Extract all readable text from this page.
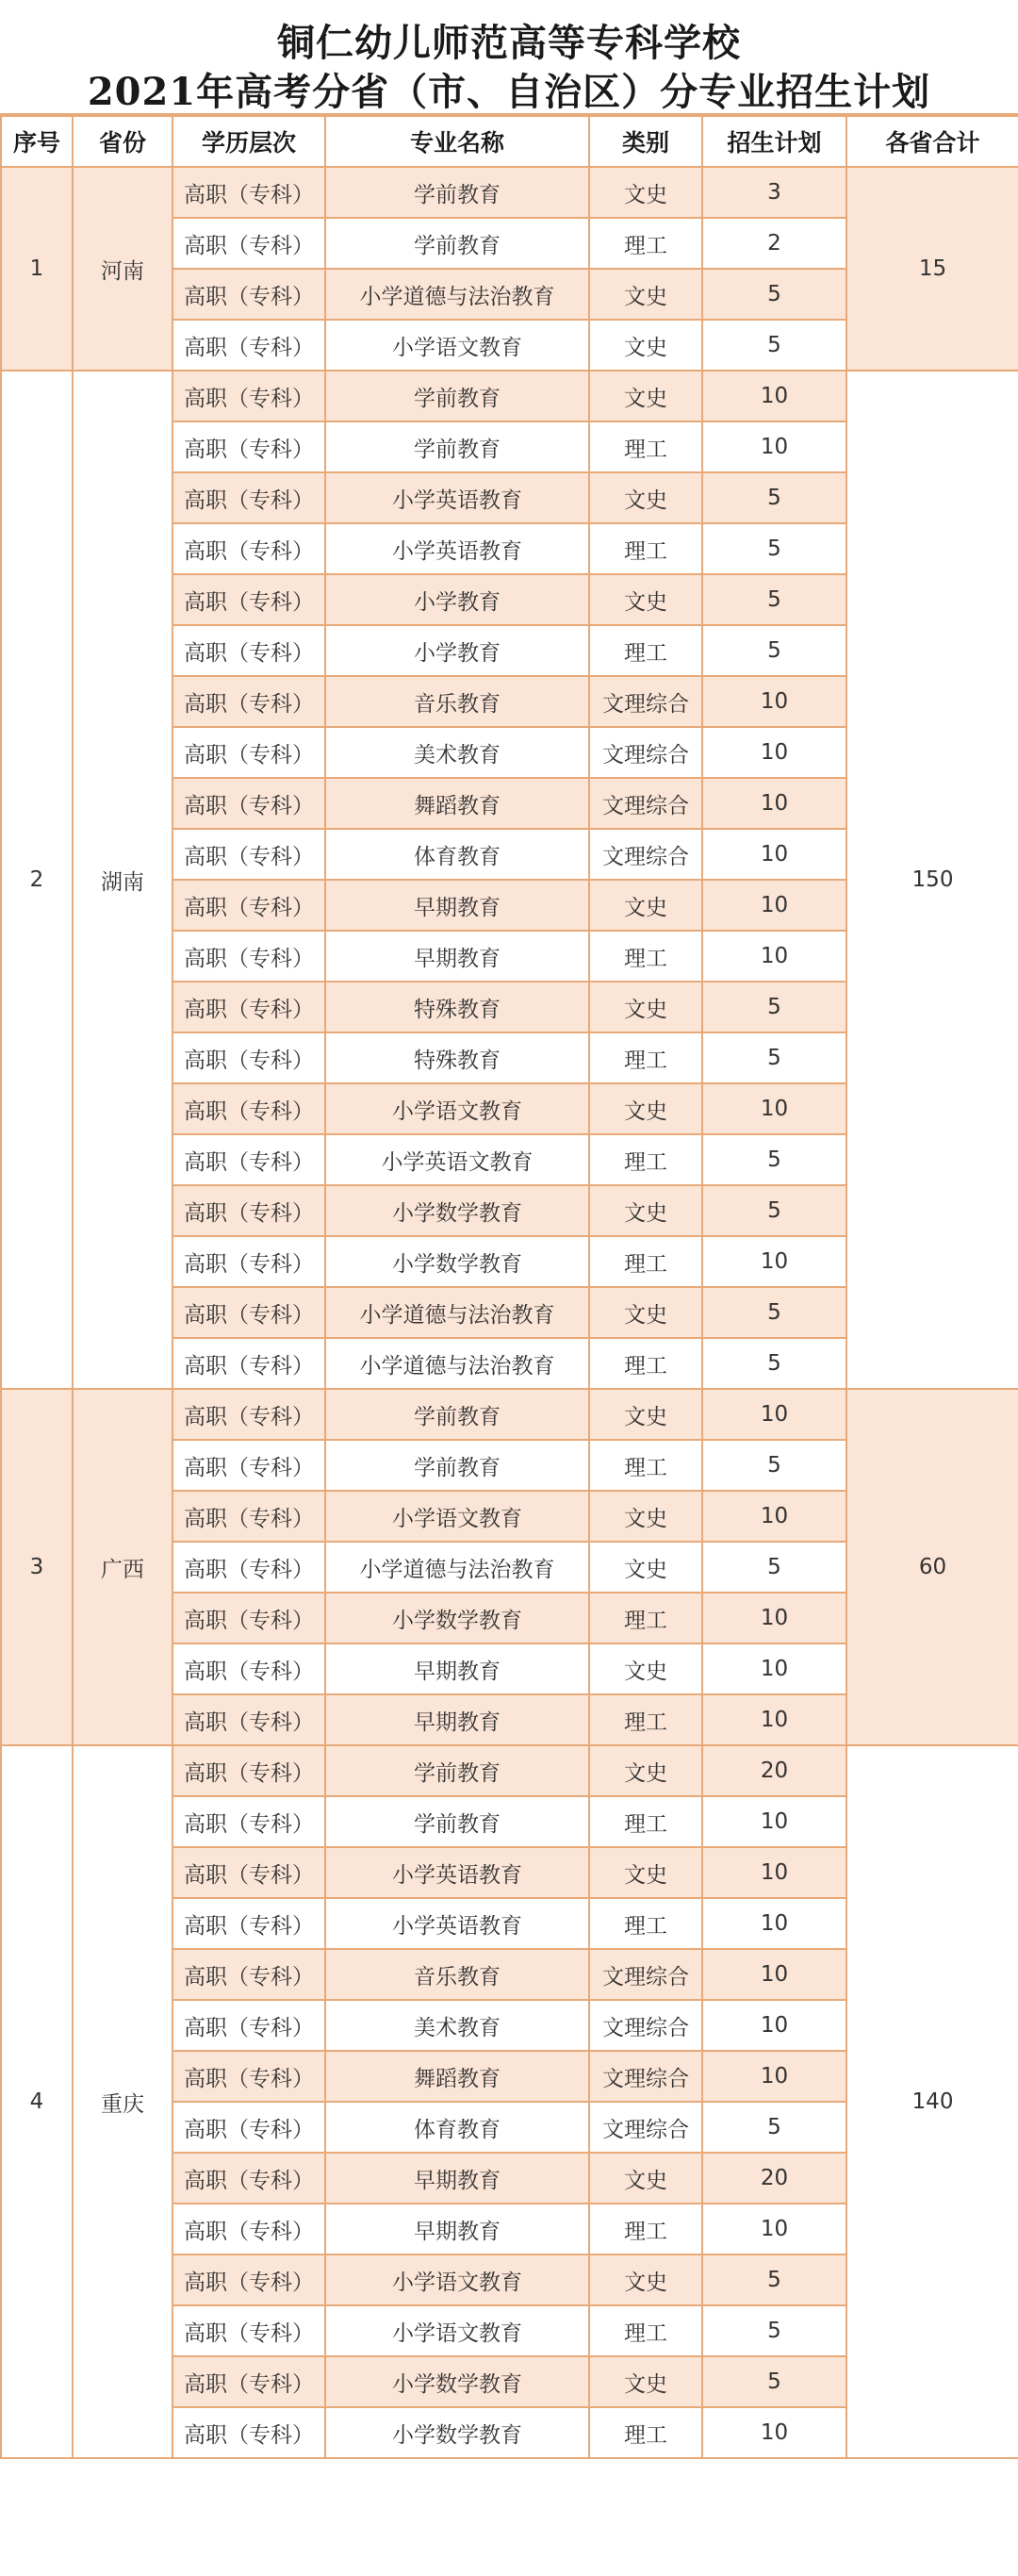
铜仁幼儿师范高等专科学校
2021年高考分省（市、自治区）分专业招生计划
序号	省份	学历层次	专业名称	类别	招生计划	各省合计
1	河南	高职（专科）	学前教育	文史	3	15
		高职（专科）	学前教育	理工	2	
		高职（专科）	小学道德与法治教育	文史	5	
		高职（专科）	小学语文教育	文史	5	
2	湖南	高职（专科）	学前教育	文史	10	150
		高职（专科）	学前教育	理工	10	
		高职（专科）	小学英语教育	文史	5	
		高职（专科）	小学英语教育	理工	5	
		高职（专科）	小学教育	文史	5	
		高职（专科）	小学教育	理工	5	
		高职（专科）	音乐教育	文理综合	10	
		高职（专科）	美术教育	文理综合	10	
		高职（专科）	舞蹈教育	文理综合	10	
		高职（专科）	体育教育	文理综合	10	
		高职（专科）	早期教育	文史	10	
		高职（专科）	早期教育	理工	10	
		高职（专科）	特殊教育	文史	5	
		高职（专科）	特殊教育	理工	5	
		高职（专科）	小学语文教育	文史	10	
		高职（专科）	小学英语文教育	理工	5	
		高职（专科）	小学数学教育	文史	5	
		高职（专科）	小学数学教育	理工	10	
		高职（专科）	小学道德与法治教育	文史	5	
		高职（专科）	小学道德与法治教育	理工	5	
3	广西	高职（专科）	学前教育	文史	10	60
		高职（专科）	学前教育	理工	5	
		高职（专科）	小学语文教育	文史	10	
		高职（专科）	小学道德与法治教育	文史	5	
		高职（专科）	小学数学教育	理工	10	
		高职（专科）	早期教育	文史	10	
		高职（专科）	早期教育	理工	10	
4	重庆	高职（专科）	学前教育	文史	20	140
		高职（专科）	学前教育	理工	10	
		高职（专科）	小学英语教育	文史	10	
		高职（专科）	小学英语教育	理工	10	
		高职（专科）	音乐教育	文理综合	10	
		高职（专科）	美术教育	文理综合	10	
		高职（专科）	舞蹈教育	文理综合	10	
		高职（专科）	体育教育	文理综合	5	
		高职（专科）	早期教育	文史	20	
		高职（专科）	早期教育	理工	10	
		高职（专科）	小学语文教育	文史	5	
		高职（专科）	小学语文教育	理工	5	
		高职（专科）	小学数学教育	文史	5	
		高职（专科）	小学数学教育	理工	10	
